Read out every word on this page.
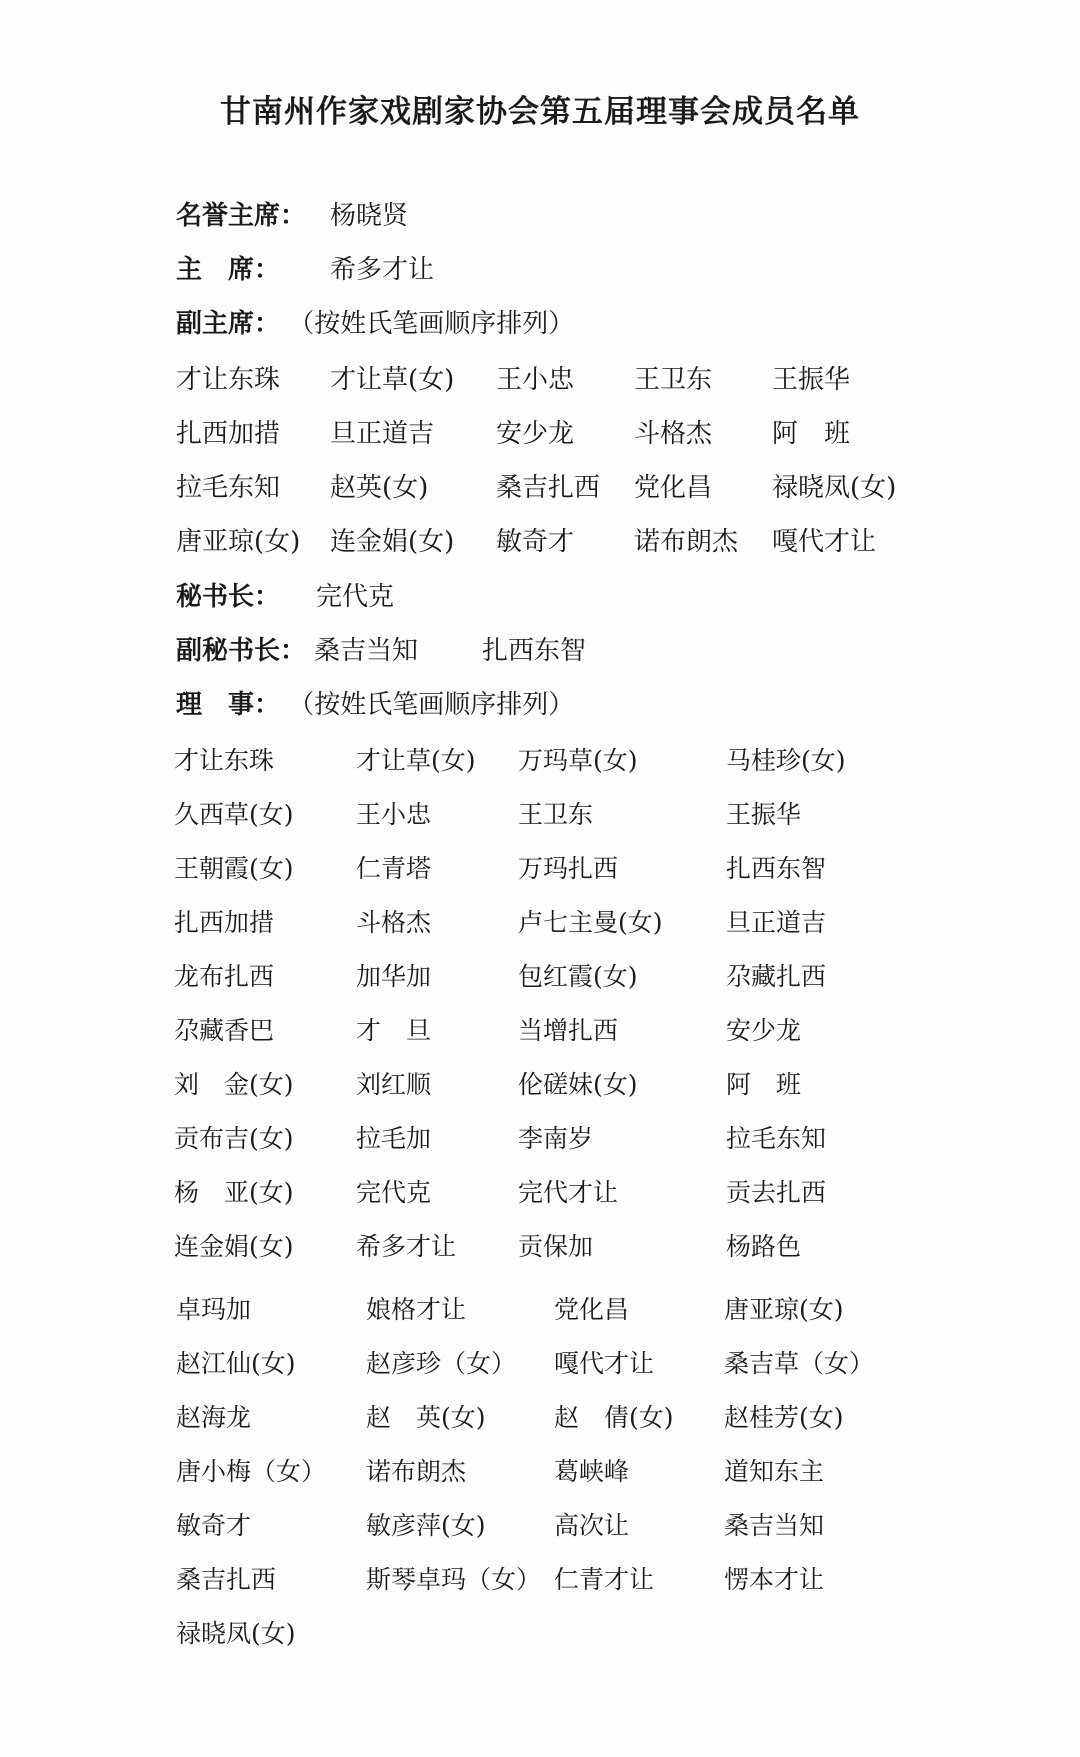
甘南州作家戏剧家协会第五届理事会成员名单
名誉主席： 杨晓贤
主　席： 希多才让
副主席： （按姓氏笔画顺序排列）
才让东珠 才让草(女) 王小忠 王卫东 王振华
扎西加措 旦正道吉 安少龙 斗格杰 阿　班
拉毛东知 赵英(女)	桑吉扎西 党化昌 禄晓凤(女)
唐亚琼(女) 连金娟(女) 敏奇才 诺布朗杰 嘎代才让
秘书长： 完代克
副秘书长： 桑吉当知 扎西东智
理　事： （按姓氏笔画顺序排列）
才让东珠	才让草(女) 万玛草(女)	马桂珍(女)
久西草(女) 王小忠	王卫东	王振华
王朝霞(女) 仁青塔	万玛扎西	扎西东智
扎西加措	斗格杰	卢七主曼(女)	旦正道吉
龙布扎西	加华加	包红霞(女)	尕藏扎西
尕藏香巴	才　旦	当增扎西	安少龙
刘　金(女) 刘红顺	伦磋妹(女)	阿　班
贡布吉(女) 拉毛加	李南岁	拉毛东知
杨　亚(女) 完代克	完代才让	贡去扎西
连金娟(女) 希多才让 贡保加	杨路色
卓玛加	娘格才让	党化昌	唐亚琼(女)
赵江仙(女)	赵彦珍（女） 嘎代才让	桑吉草（女）
赵海龙	赵　英(女)	赵　倩(女) 赵桂芳(女)
唐小梅（女） 诺布朗杰	葛峡峰	道知东主
敏奇才	敏彦萍(女)	高次让	桑吉当知
桑吉扎西	斯琴卓玛（女） 仁青才让	愣本才让
禄晓凤(女)
